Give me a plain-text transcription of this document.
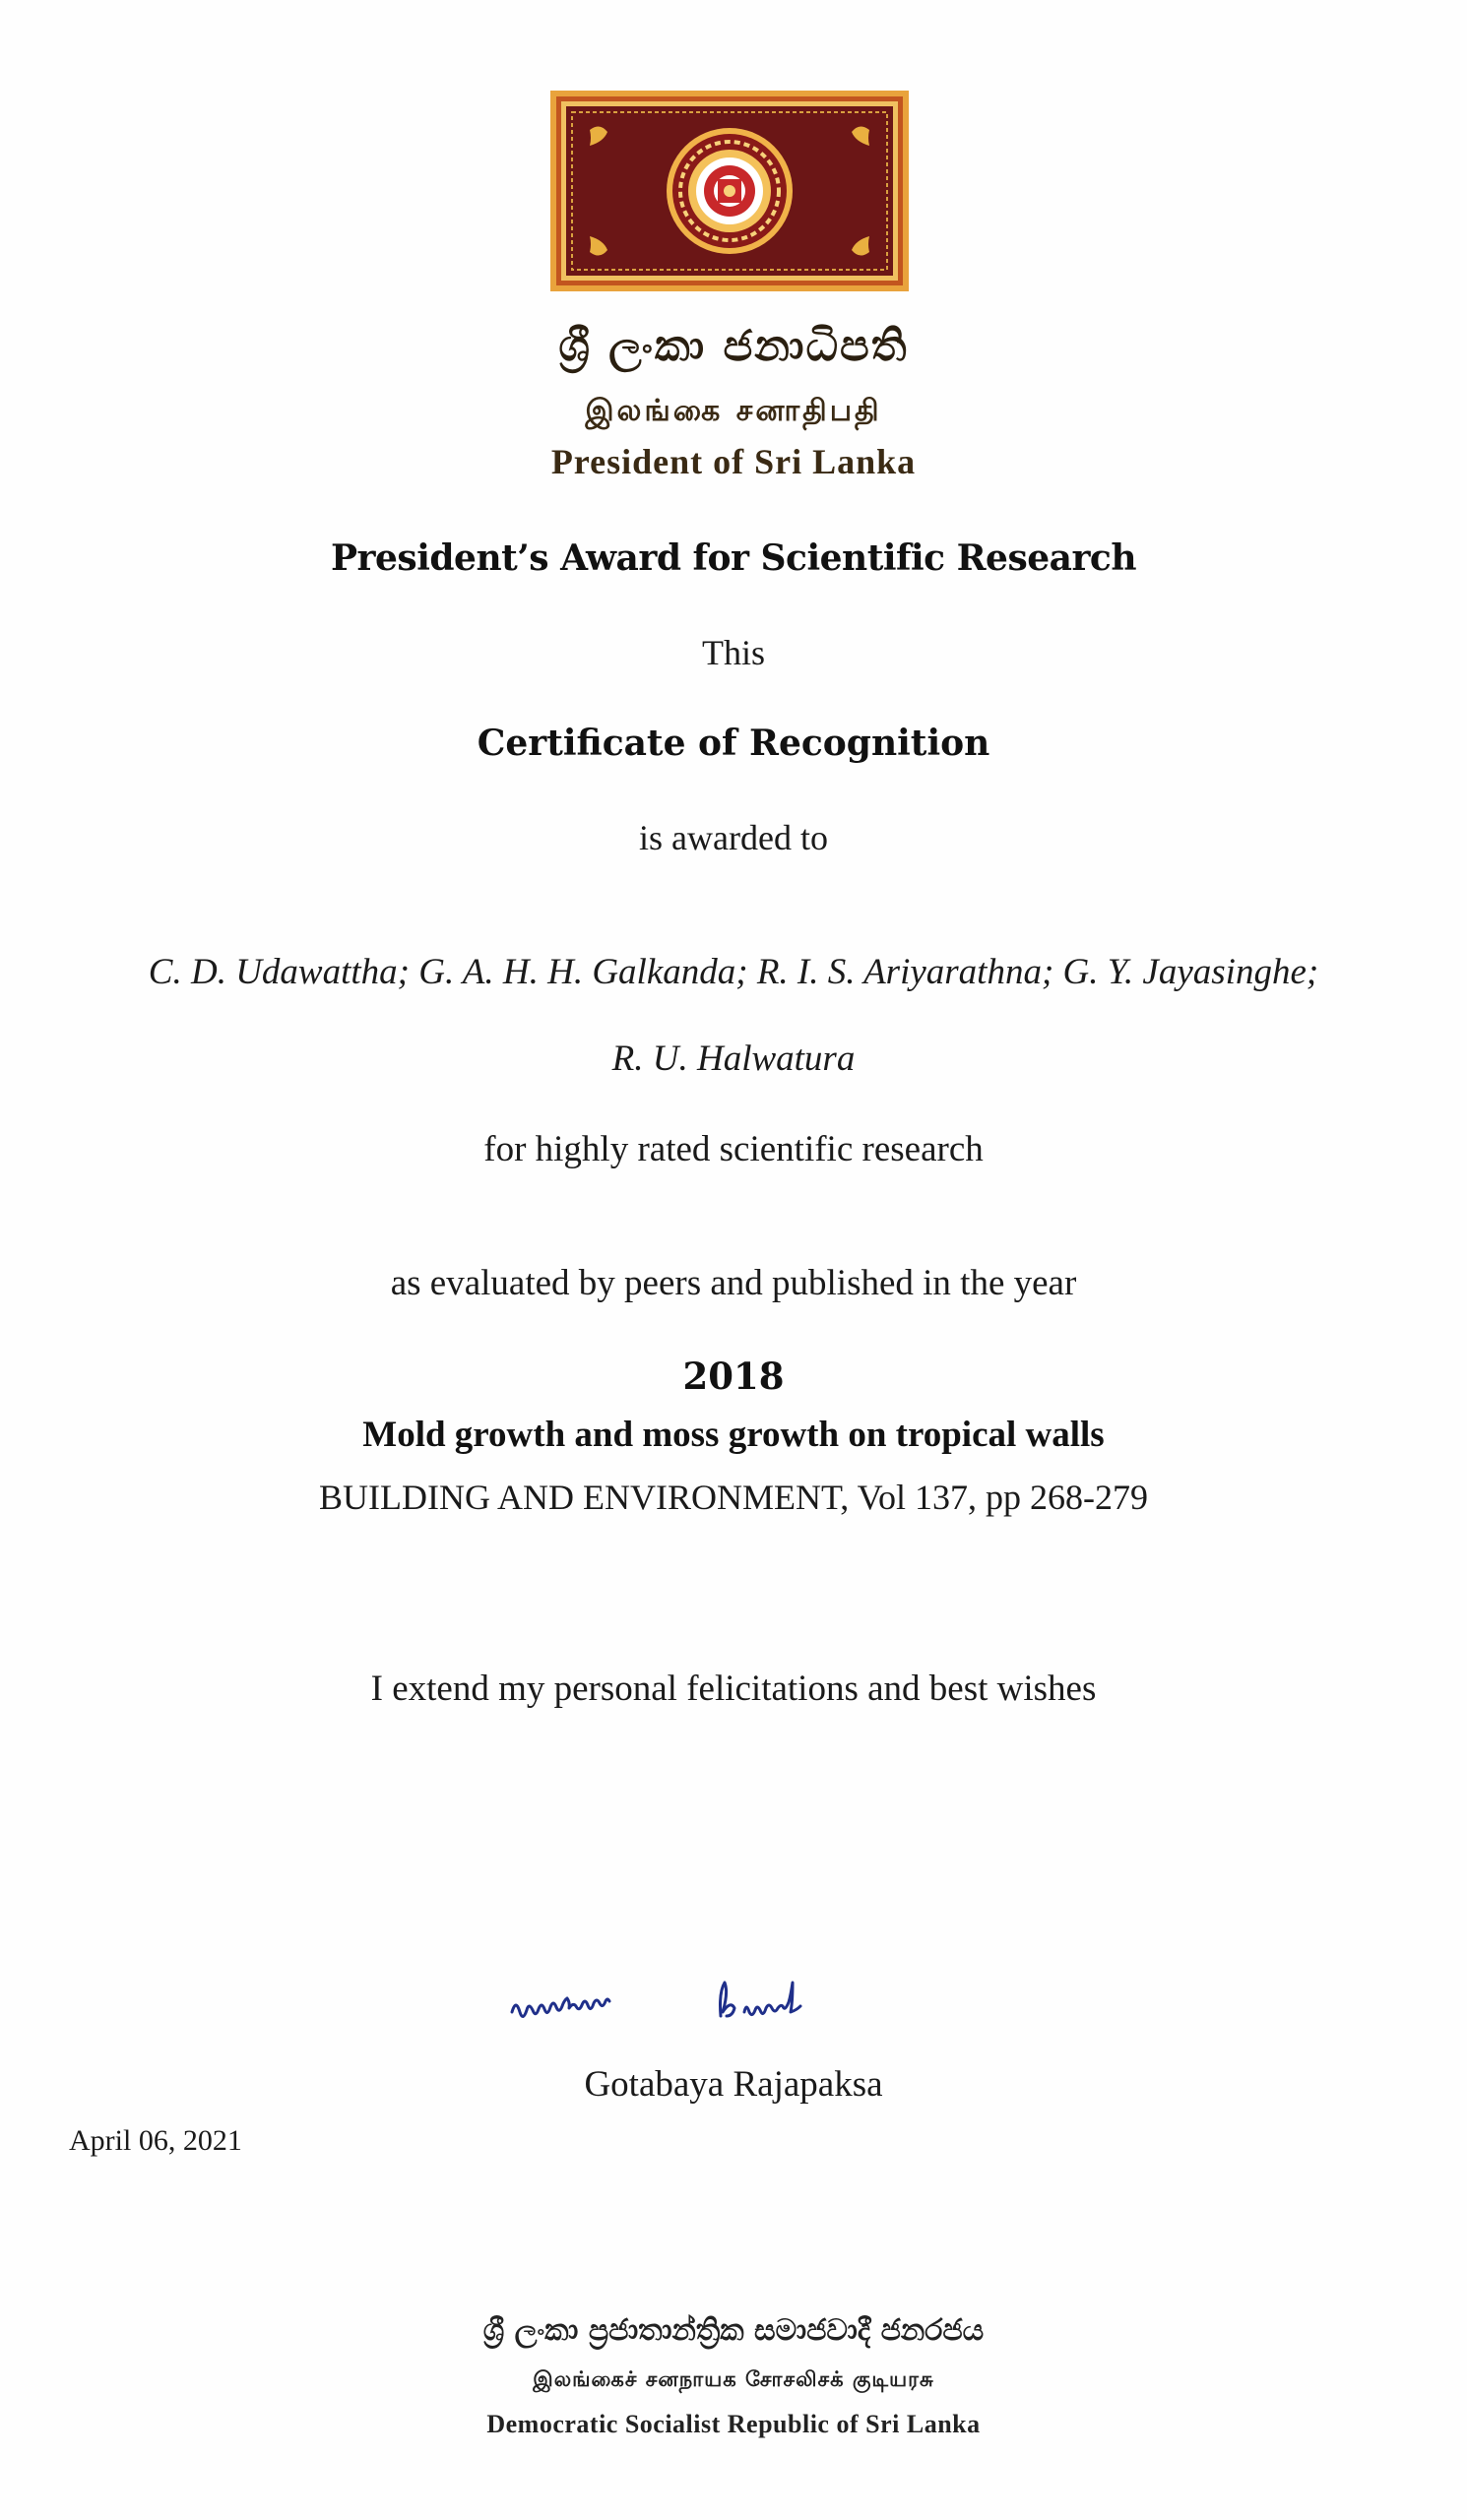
ශ්‍රී ලංකා ජනාධිපති
இலங்கை சனாதிபதி
President of Sri Lanka
President’s Award for Scientific Research
This
Certificate of Recognition
is awarded to
C. D. Udawattha; G. A. H. H. Galkanda; R. I. S. Ariyarathna; G. Y. Jayasinghe;
R. U. Halwatura
for highly rated scientific research
as evaluated by peers and published in the year
2018
Mold growth and moss growth on tropical walls
BUILDING AND ENVIRONMENT, Vol 137, pp 268-279
I extend my personal felicitations and best wishes
Gotabaya Rajapaksa
April 06, 2021
ශ්‍රී ලංකා ප්‍රජාතාන්ත්‍රික සමාජවාදී ජනරජය
இலங்கைச் சனநாயக சோசலிசக் குடியரசு
Democratic Socialist Republic of Sri Lanka
